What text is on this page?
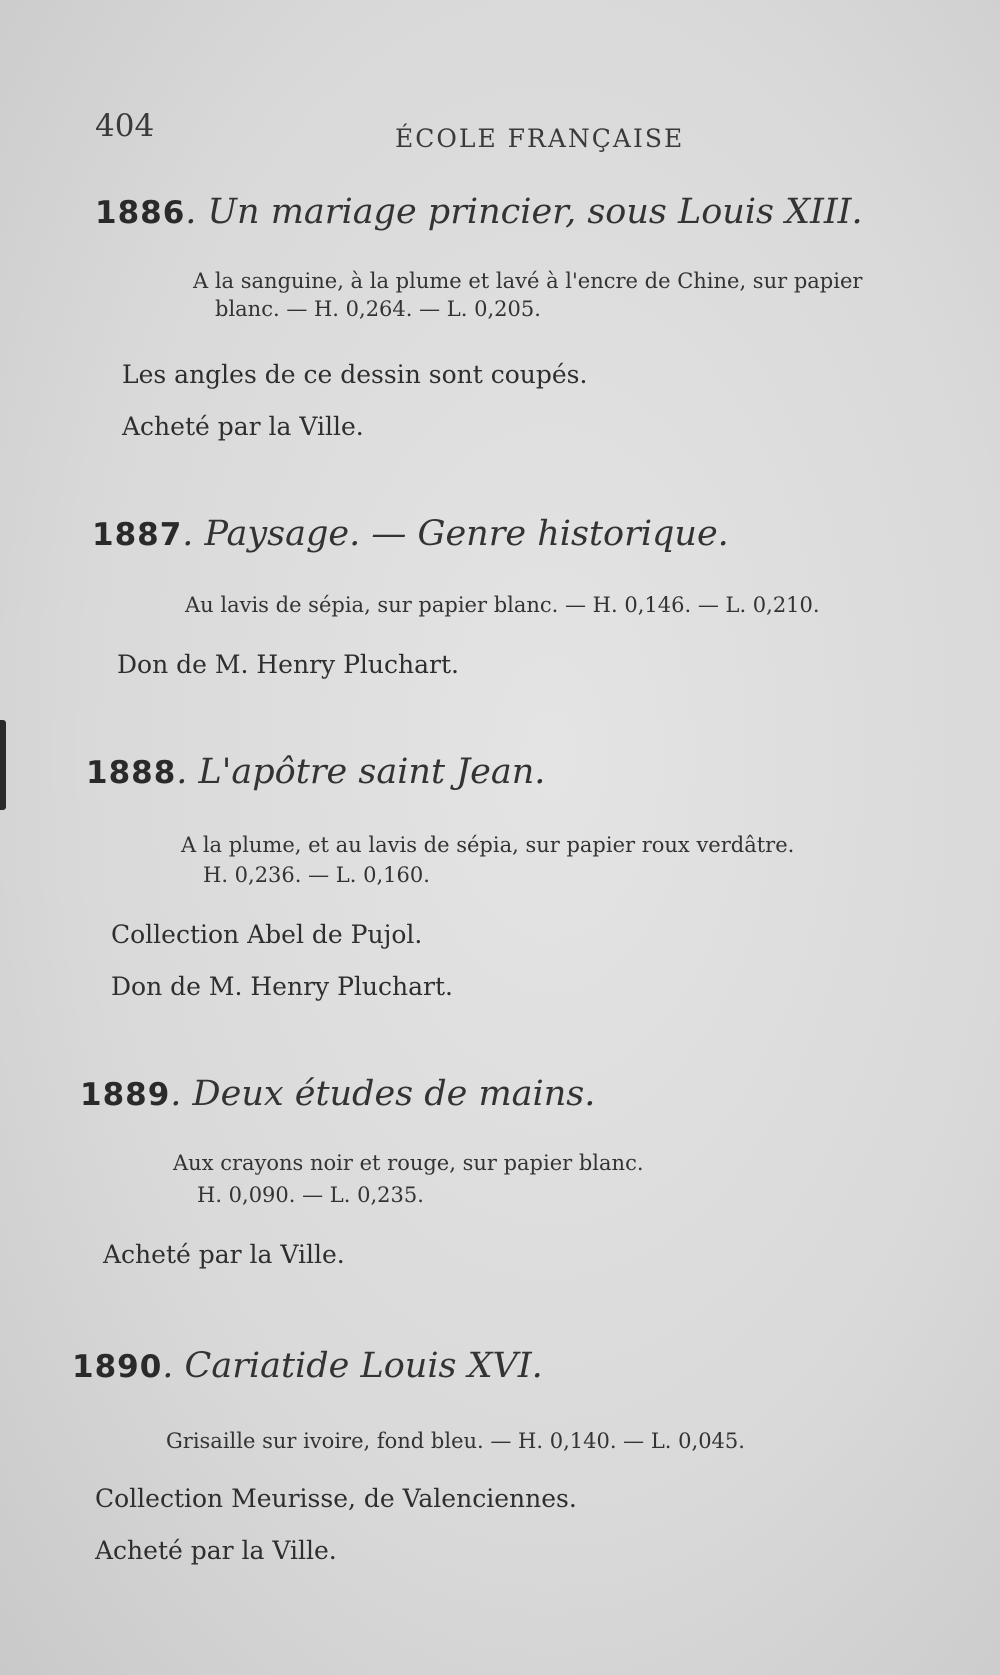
404	ÉCOLE FRANÇAISE
1886. Un mariage princier, sous Louis XIII.
A la sanguine, à la plume et lavé à l'encre de Chine, sur papier
blanc. — H. 0,264. — L. 0,205.
Les angles de ce dessin sont coupés.
Acheté par la Ville.
1887. Paysage. — Genre historique.
Au lavis de sépia, sur papier blanc. — H. 0,146. — L. 0,210.
Don de M. Henry Pluchart.
1888. L'apôtre saint Jean.
A la plume, et au lavis de sépia, sur papier roux verdâtre.
H. 0,236. — L. 0,160.
Collection Abel de Pujol.
Don de M. Henry Pluchart.
1889. Deux études de mains.
Aux crayons noir et rouge, sur papier blanc.
H. 0,090. — L. 0,235.
Acheté par la Ville.
1890. Cariatide Louis XVI.
Grisaille sur ivoire, fond bleu. — H. 0,140. — L. 0,045.
Collection Meurisse, de Valenciennes.
Acheté par la Ville.
